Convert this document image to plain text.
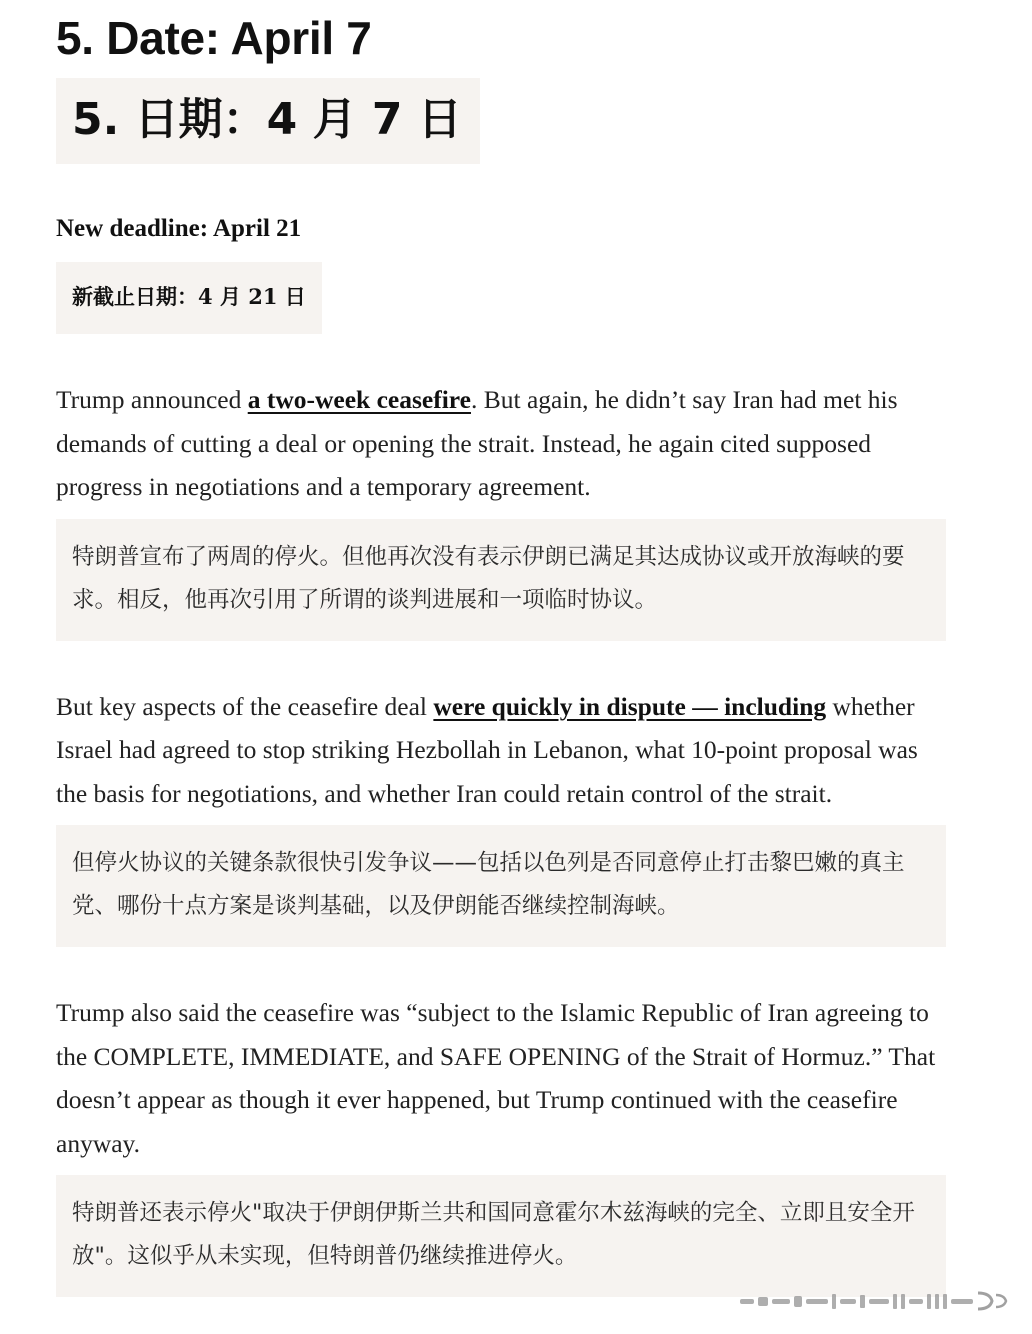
5. Date: April 7
5. 日期：4 月 7 日

New deadline: April 21

新截止日期：4 月 21 日

Trump announced a two-week ceasefire. But again, he didn’t say Iran had met his demands of cutting a deal or opening the strait. Instead, he again cited supposed progress in negotiations and a temporary agreement.

特朗普宣布了两周的停火。但他再次没有表示伊朗已满足其达成协议或开放海峡的要求。相反，他再次引用了所谓的谈判进展和一项临时协议。

But key aspects of the ceasefire deal were quickly in dispute — including whether Israel had agreed to stop striking Hezbollah in Lebanon, what 10-point proposal was the basis for negotiations, and whether Iran could retain control of the strait.

但停火协议的关键条款很快引发争议——包括以色列是否同意停止打击黎巴嫩的真主党、哪份十点方案是谈判基础，以及伊朗能否继续控制海峡。

Trump also said the ceasefire was “subject to the Islamic Republic of Iran agreeing to the COMPLETE, IMMEDIATE, and SAFE OPENING of the Strait of Hormuz.” That doesn’t appear as though it ever happened, but Trump continued with the ceasefire anyway.

特朗普还表示停火"取决于伊朗伊斯兰共和国同意霍尔木兹海峡的完全、立即且安全开放"。这似乎从未实现，但特朗普仍继续推进停火。
